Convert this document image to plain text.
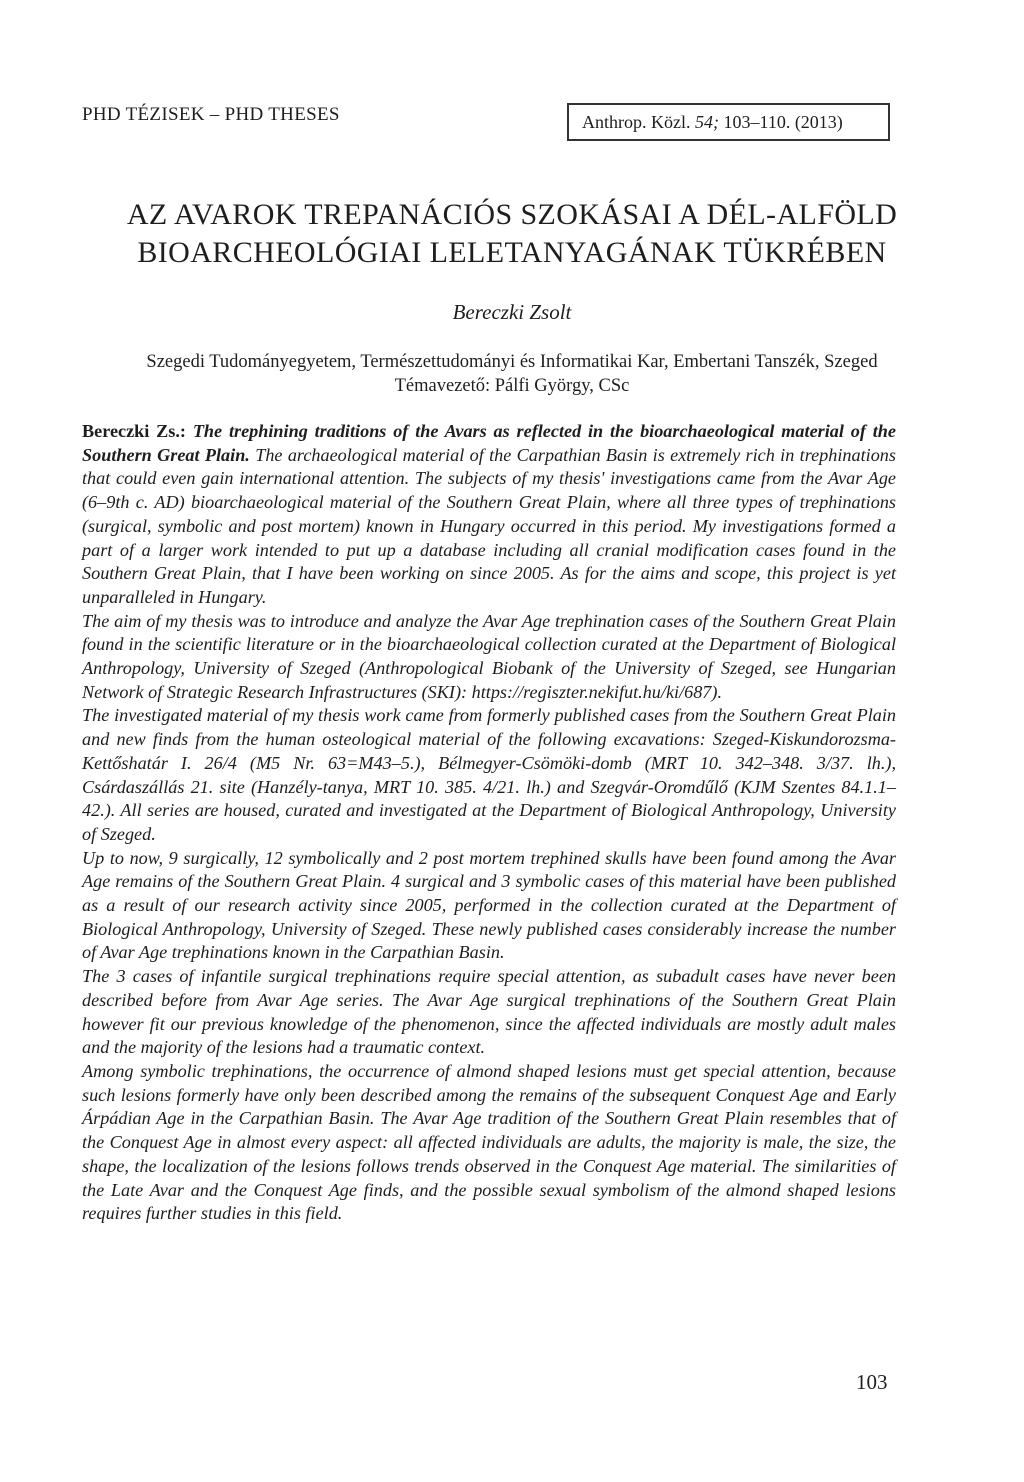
PHD TÉZISEK – PHD THESES	Anthrop. Közl. 54; 103–110. (2013)
AZ AVAROK TREPANÁCIÓS SZOKÁSAI A DÉL-ALFÖLD
BIOARCHEOLÓGIAI LELETANYAGÁNAK TÜKRÉBEN
Bereczki Zsolt
Szegedi Tudományegyetem, Természettudományi és Informatikai Kar, Embertani Tanszék, Szeged
Témavezető: Pálfi György, CSc

Bereczki Zs.: The trephining traditions of the Avars as reflected in the bioarchaeological material of the Southern Great Plain. The archaeological material of the Carpathian Basin is extremely rich in trephinations that could even gain international attention. The subjects of my thesis' investigations came from the Avar Age (6–9th c. AD) bioarchaeological material of the Southern Great Plain, where all three types of trephinations (surgical, symbolic and post mortem) known in Hungary occurred in this period. My investigations formed a part of a larger work intended to put up a database including all cranial modification cases found in the Southern Great Plain, that I have been working on since 2005. As for the aims and scope, this project is yet unparalleled in Hungary.

The aim of my thesis was to introduce and analyze the Avar Age trephination cases of the Southern Great Plain found in the scientific literature or in the bioarchaeological collection curated at the Department of Biological Anthropology, University of Szeged (Anthropological Biobank of the University of Szeged, see Hungarian Network of Strategic Research Infrastructures (SKI): https://regiszter.nekifut.hu/ki/687).

The investigated material of my thesis work came from formerly published cases from the Southern Great Plain and new finds from the human osteological material of the following excavations: Szeged-Kiskundorozsma-Kettőshatár I. 26/4 (M5 Nr. 63=M43–5.), Bélmegyer-Csömöki-domb (MRT 10. 342–348. 3/37. lh.), Csárdaszállás 21. site (Hanzély-tanya, MRT 10. 385. 4/21. lh.) and Szegvár-Oromdűlő (KJM Szentes 84.1.1–42.). All series are housed, curated and investigated at the Department of Biological Anthropology, University of Szeged.

Up to now, 9 surgically, 12 symbolically and 2 post mortem trephined skulls have been found among the Avar Age remains of the Southern Great Plain. 4 surgical and 3 symbolic cases of this material have been published as a result of our research activity since 2005, performed in the collection curated at the Department of Biological Anthropology, University of Szeged. These newly published cases considerably increase the number of Avar Age trephinations known in the Carpathian Basin.

The 3 cases of infantile surgical trephinations require special attention, as subadult cases have never been described before from Avar Age series. The Avar Age surgical trephinations of the Southern Great Plain however fit our previous knowledge of the phenomenon, since the affected individuals are mostly adult males and the majority of the lesions had a traumatic context.

Among symbolic trephinations, the occurrence of almond shaped lesions must get special attention, because such lesions formerly have only been described among the remains of the subsequent Conquest Age and Early Árpádian Age in the Carpathian Basin. The Avar Age tradition of the Southern Great Plain resembles that of the Conquest Age in almost every aspect: all affected individuals are adults, the majority is male, the size, the shape, the localization of the lesions follows trends observed in the Conquest Age material. The similarities of the Late Avar and the Conquest Age finds, and the possible sexual symbolism of the almond shaped lesions requires further studies in this field.

103
